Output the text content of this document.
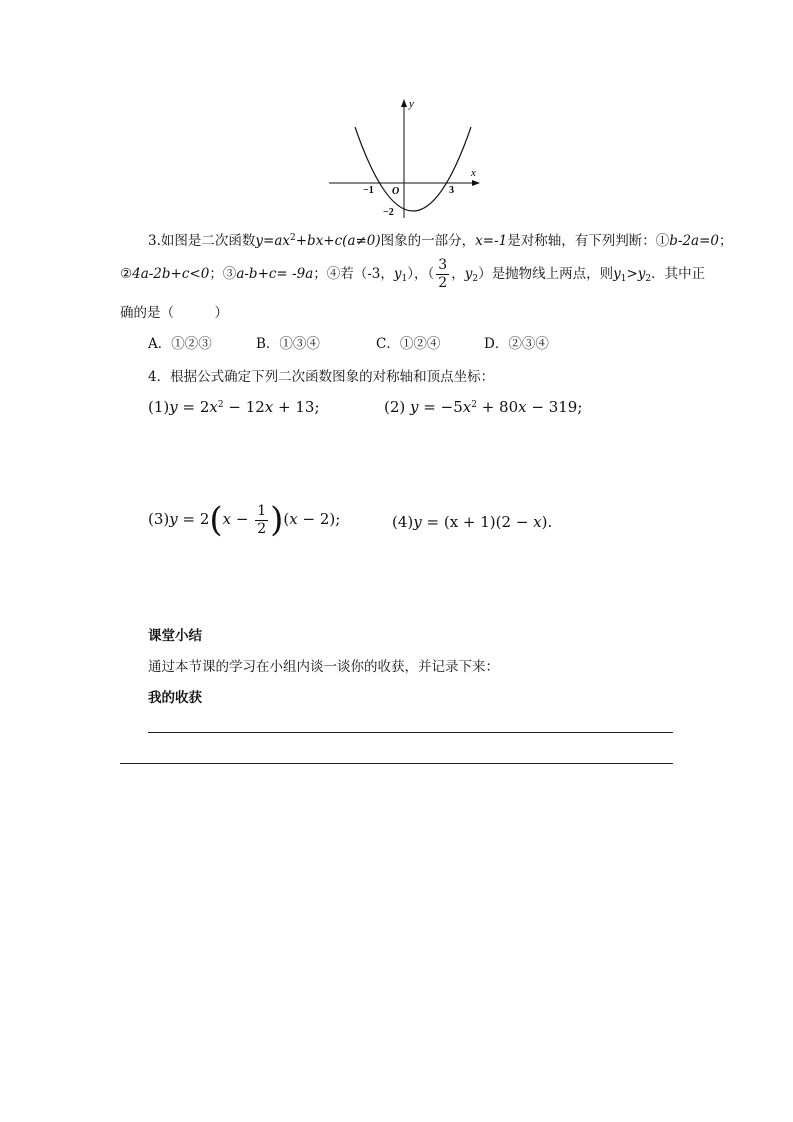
y
x
O
−1	3
−2
3.如图是二次函数$y=ax^2+bx+c(a\ne 0)$图象的一部分，x=-1是对称轴，有下列判断：①b-2a=0；
②4a-2b+c<0；③a-b+c= -9a；④若（-3，$y_1$），（ $\frac{3}{2}$ ，$y_2$）是抛物线上两点，则$y_1>y_2$．其中正
确的是（　　　）
A．①②③	B．①③④	C．①②④	D．②③④
4．根据公式确定下列二次函数图象的对称轴和顶点坐标：
$(1)y = 2x^2 - 12x + 13$;	(2) $y = -5x^2 + 80x - 319$;
$(3)y = 2(x - \frac{1}{2} )(x - 2)$;	(4)y = (x + 1)(2 − x).
课堂小结
通过本节课的学习在小组内谈一谈你的收获，并记录下来：
我的收获
